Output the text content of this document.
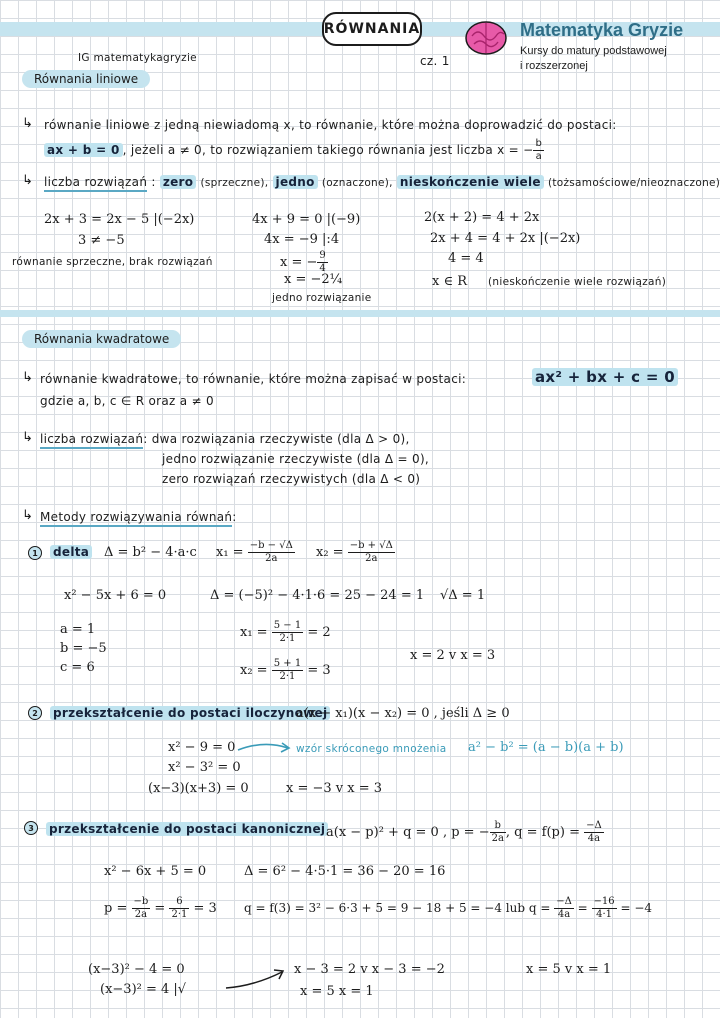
RÓWNANIA
IG matematykagryzie	cz. 1
Matematyka Gryzie
Kursy do matury podstawowej
i rozszerzonej
Równania liniowe
↳ równanie liniowe z jedną niewiadomą x, to równanie, które można doprowadzić do postaci:
ax + b = 0 , jeżeli a ≠ 0, to rozwiązaniem takiego równania jest liczba x = − $\frac{b}{a}$
↳ liczba rozwiązań : zero (sprzeczne), jedno (oznaczone), nieskończenie wiele (tożsamościowe/nieoznaczone)
2x + 3 = 2x − 5 |(−2x)
3 ≠ −5
równanie sprzeczne, brak rozwiązań
4x + 9 = 0 |(−9)
4x = −9 |:4
x = − $\frac{9}{4}$
x = −2¼
jedno rozwiązanie
2(x + 2) = 4 + 2x
2x + 4 = 4 + 2x |(−2x)
4 = 4
x ∈ R (nieskończenie wiele rozwiązań)
Równania kwadratowe
↳ równanie kwadratowe, to równanie, które można zapisać w postaci:	ax² + bx + c = 0
gdzie a, b, c ∈ R oraz a ≠ 0
↳ liczba rozwiązań: dwa rozwiązania rzeczywiste (dla Δ > 0),
jedno rozwiązanie rzeczywiste (dla Δ = 0),
zero rozwiązań rzeczywistych (dla Δ < 0)
↳ Metody rozwiązywania równań:
1	delta Δ = b² − 4·a·c $x_1 = \frac{-b - √\Delta}{2a} x_2 = \frac{-b + √\Delta}{2a}$
x² − 5x + 6 = 0	Δ = (−5)² − 4·1·6 = 25 − 24 = 1 √Δ = 1
a = 1
b = −5
c = 6
$x_1 = \frac{5 - 1}{2\cdot 1} = 2$
$x_2 = \frac{5 + 1}{2\cdot 1} = 3$
x = 2 v x = 3
2	przekształcenie do postaci iloczynowej
a(x − x₁)(x − x₂) = 0 , jeśli Δ ≥ 0
x² − 9 = 0
x² − 3² = 0
(x−3)(x+3) = 0
wzór skróconego mnożenia a² − b² = (a − b)(a + b)
x = −3 v x = 3
3	przekształcenie do postaci kanonicznej a(x − p)² + q = 0 , p = − $\frac{b}{2a}$ , $q = f(p) = \frac{-\Delta}{4a}$
x² − 6x + 5 = 0	Δ = 6² − 4·5·1 = 36 − 20 = 16
$p = \frac{-b}{2a} = \frac{6}{2\cdot 1} = 3$ q = f(3) = 3² − 6·3 + 5 = 9 − 18 + 5 = −4 lub $q = \frac{-\Delta}{4a} = \frac{-16}{4\cdot 1} = -4$
(x−3)² − 4 = 0
(x−3)² = 4 |√
x − 3 = 2 v x − 3 = −2
x = 5 x = 1
x = 5 v x = 1
